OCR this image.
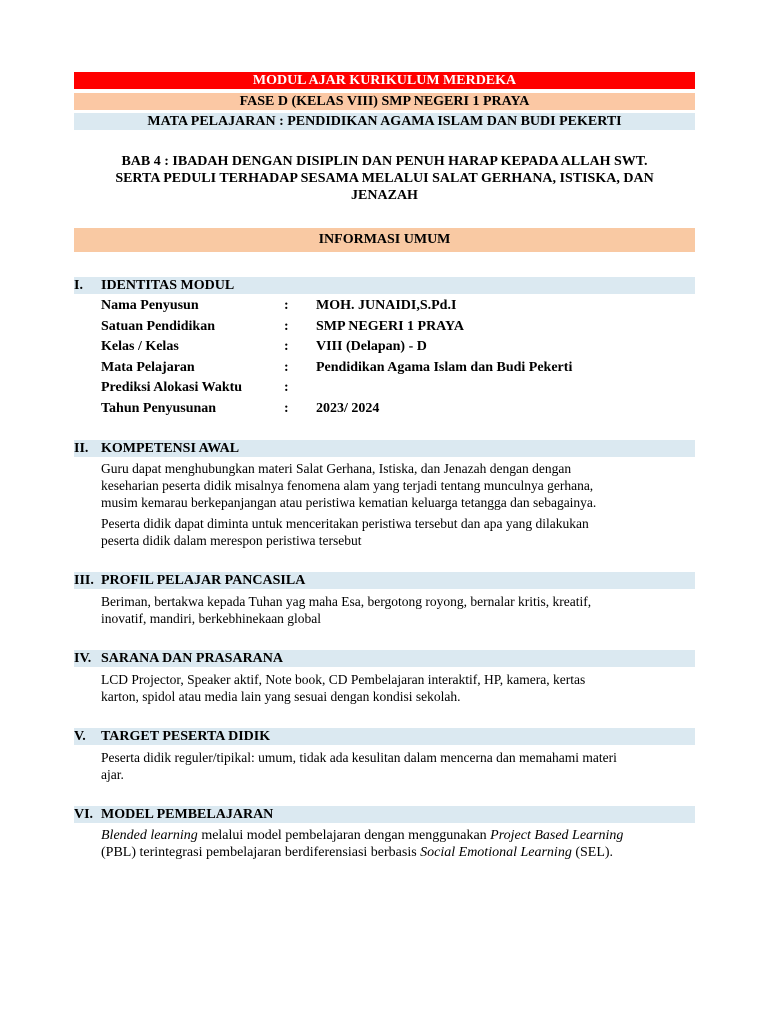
MODUL AJAR KURIKULUM MERDEKA
FASE D (KELAS VIII) SMP NEGERI 1 PRAYA
MATA PELAJARAN : PENDIDIKAN AGAMA ISLAM DAN BUDI PEKERTI
BAB 4 : IBADAH DENGAN DISIPLIN DAN PENUH HARAP KEPADA ALLAH SWT.
SERTA PEDULI TERHADAP SESAMA MELALUI SALAT GERHANA, ISTISKA, DAN
JENAZAH
INFORMASI UMUM
I. IDENTITAS MODUL
Nama Penyusun	: MOH. JUNAIDI,S.Pd.I
Satuan Pendidikan	: SMP NEGERI 1 PRAYA
Kelas / Kelas	: VIII (Delapan) - D
Mata Pelajaran	: Pendidikan Agama Islam dan Budi Pekerti
Prediksi Alokasi Waktu	:
Tahun Penyusunan	: 2023/ 2024
II. KOMPETENSI AWAL
Guru dapat menghubungkan materi Salat Gerhana, Istiska, dan Jenazah dengan dengan
keseharian peserta didik misalnya fenomena alam yang terjadi tentang munculnya gerhana,
musim kemarau berkepanjangan atau peristiwa kematian keluarga tetangga dan sebagainya.
Peserta didik dapat diminta untuk menceritakan peristiwa tersebut dan apa yang dilakukan
peserta didik dalam merespon peristiwa tersebut
III. PROFIL PELAJAR PANCASILA
Beriman, bertakwa kepada Tuhan yag maha Esa, bergotong royong, bernalar kritis, kreatif,
inovatif, mandiri, berkebhinekaan global
IV. SARANA DAN PRASARANA
LCD Projector, Speaker aktif, Note book, CD Pembelajaran interaktif, HP, kamera, kertas
karton, spidol atau media lain yang sesuai dengan kondisi sekolah.
V. TARGET PESERTA DIDIK
Peserta didik reguler/tipikal: umum, tidak ada kesulitan dalam mencerna dan memahami materi
ajar.
VI. MODEL PEMBELAJARAN
Blended learning melalui model pembelajaran dengan menggunakan Project Based Learning
(PBL) terintegrasi pembelajaran berdiferensiasi berbasis Social Emotional Learning (SEL).
